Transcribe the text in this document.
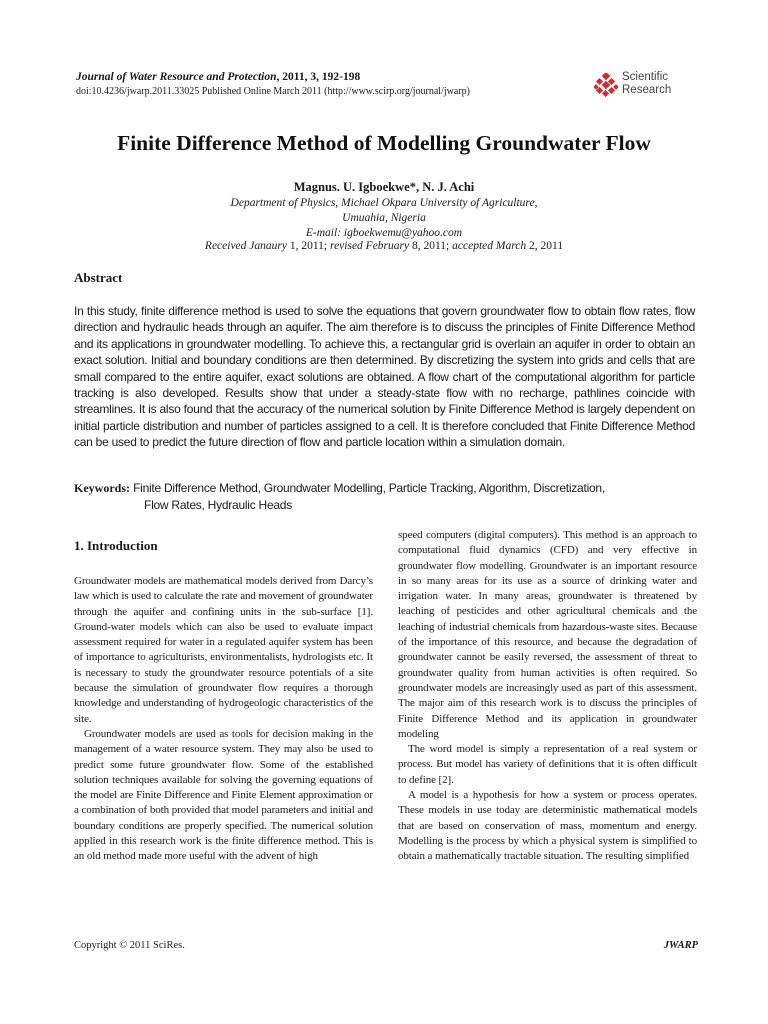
Journal of Water Resource and Protection, 2011, 3, 192-198
doi:10.4236/jwarp.2011.33025 Published Online March 2011 (http://www.scirp.org/journal/jwarp)
Scientific
Research
Finite Difference Method of Modelling Groundwater Flow
Magnus. U. Igboekwe*, N. J. Achi
Department of Physics, Michael Okpara University of Agriculture,
Umuahia, Nigeria
E-mail: igboekwemu@yahoo.com
Received Janaury 1, 2011; revised February 8, 2011; accepted March 2, 2011
Abstract
In this study, finite difference method is used to solve the equations that govern groundwater flow to obtain flow rates, flow direction and hydraulic heads through an aquifer. The aim therefore is to discuss the principles of Finite Difference Method and its applications in groundwater modelling. To achieve this, a rectangular grid is overlain an aquifer in order to obtain an exact solution. Initial and boundary conditions are then determined. By discretizing the system into grids and cells that are small compared to the entire aquifer, exact solutions are obtained. A flow chart of the computational algorithm for particle tracking is also developed. Results show that under a steady-state flow with no recharge, pathlines coincide with streamlines. It is also found that the accuracy of the numerical solution by Finite Difference Method is largely dependent on initial particle distribution and number of particles assigned to a cell. It is therefore concluded that Finite Difference Method can be used to predict the future direction of flow and particle location within a simulation domain.
Keywords: Finite Difference Method, Groundwater Modelling, Particle Tracking, Algorithm, Discretization,
Flow Rates, Hydraulic Heads
1. Introduction

Groundwater models are mathematical models derived from Darcy’s law which is used to calculate the rate and movement of groundwater through the aquifer and confining units in the sub-surface [1]. Ground-water models which can also be used to evaluate impact assessment required for water in a regulated aquifer system has been of importance to agriculturists, environmentalists, hydrologists etc. It is necessary to study the groundwater resource potentials of a site because the simulation of groundwater flow requires a thorough knowledge and understanding of hydrogeologic characteristics of the site.

Groundwater models are used as tools for decision making in the management of a water resource system. They may also be used to predict some future groundwater flow. Some of the established solution techniques available for solving the governing equations of the model are Finite Difference and Finite Element approximation or a combination of both provided that model parameters and initial and boundary conditions are properly specified. The numerical solution applied in this research work is the finite difference method. This is an old method made more useful with the advent of high

speed computers (digital computers). This method is an approach to computational fluid dynamics (CFD) and very effective in groundwater flow modelling. Groundwater is an important resource in so many areas for its use as a source of drinking water and irrigation water. In many areas, groundwater is threatened by leaching of pesticides and other agricultural chemicals and the leaching of industrial chemicals from hazardous-waste sites. Because of the importance of this resource, and because the degradation of groundwater cannot be easily reversed, the assessment of threat to groundwater quality from human activities is often required. So groundwater models are increasingly used as part of this assessment. The major aim of this research work is to discuss the principles of Finite Difference Method and its application in groundwater modeling

The word model is simply a representation of a real system or process. But model has variety of definitions that it is often difficult to define [2].

A model is a hypothesis for how a system or process operates. These models in use today are deterministic mathematical models that are based on conservation of mass, momentum and energy. Modelling is the process by which a physical system is simplified to obtain a mathematically tractable situation. The resulting simplified

Copyright © 2011 SciRes.	JWARP
